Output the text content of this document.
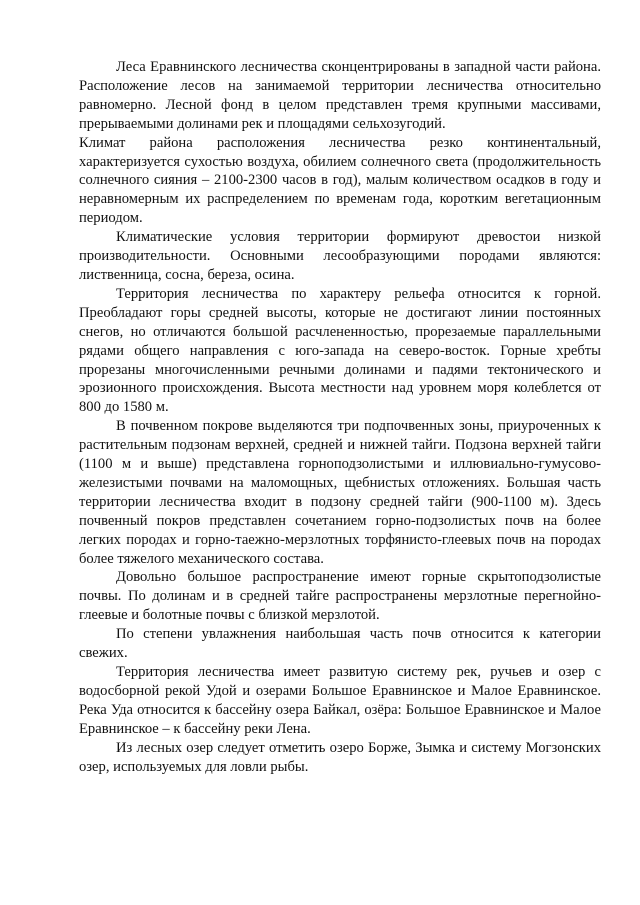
Леса Еравнинского лесничества сконцентрированы в западной части района. Расположение лесов на занимаемой территории лесничества относительно равномерно. Лесной фонд в целом представлен тремя крупными массивами, прерываемыми долинами рек и площадями сельхозугодий.

Климат района расположения лесничества резко континентальный, характеризуется сухостью воздуха, обилием солнечного света (продолжительность солнечного сияния – 2100-2300 часов в год), малым количеством осадков в году и неравномерным их распределением по временам года, коротким вегетационным периодом.

Климатические условия территории формируют древостои низкой производительности. Основными лесообразующими породами являются: лиственница, сосна, береза, осина.

Территория лесничества по характеру рельефа относится к горной. Преобладают горы средней высоты, которые не достигают линии постоянных снегов, но отличаются большой расчлененностью, прорезаемые параллельными рядами общего направления с юго-запада на северо-восток. Горные хребты прорезаны многочисленными речными долинами и падями тектонического и эрозионного происхождения. Высота местности над уровнем моря колеблется от 800 до 1580 м.

В почвенном покрове выделяются три подпочвенных зоны, приуроченных к растительным подзонам верхней, средней и нижней тайги. Подзона верхней тайги (1100 м и выше) представлена горноподзолистыми и иллювиально-гумусово-железистыми почвами на маломощных, щебнистых отложениях. Большая часть территории лесничества входит в подзону средней тайги (900-1100 м). Здесь почвенный покров представлен сочетанием горно-подзолистых почв на более легких породах и горно-таежно-мерзлотных торфянисто-глеевых почв на породах более тяжелого механического состава.

Довольно большое распространение имеют горные скрытоподзолистые почвы. По долинам и в средней тайге распространены мерзлотные перегнойно-глеевые и болотные почвы с близкой мерзлотой.

По степени увлажнения наибольшая часть почв относится к категории свежих.

Территория лесничества имеет развитую систему рек, ручьев и озер с водосборной рекой Удой и озерами Большое Еравнинское и Малое Еравнинское. Река Уда относится к бассейну озера Байкал, озёра: Большое Еравнинское и Малое Еравнинское – к бассейну реки Лена.

Из лесных озер следует отметить озеро Борже, Зымка и систему Могзонских озер, используемых для ловли рыбы.
